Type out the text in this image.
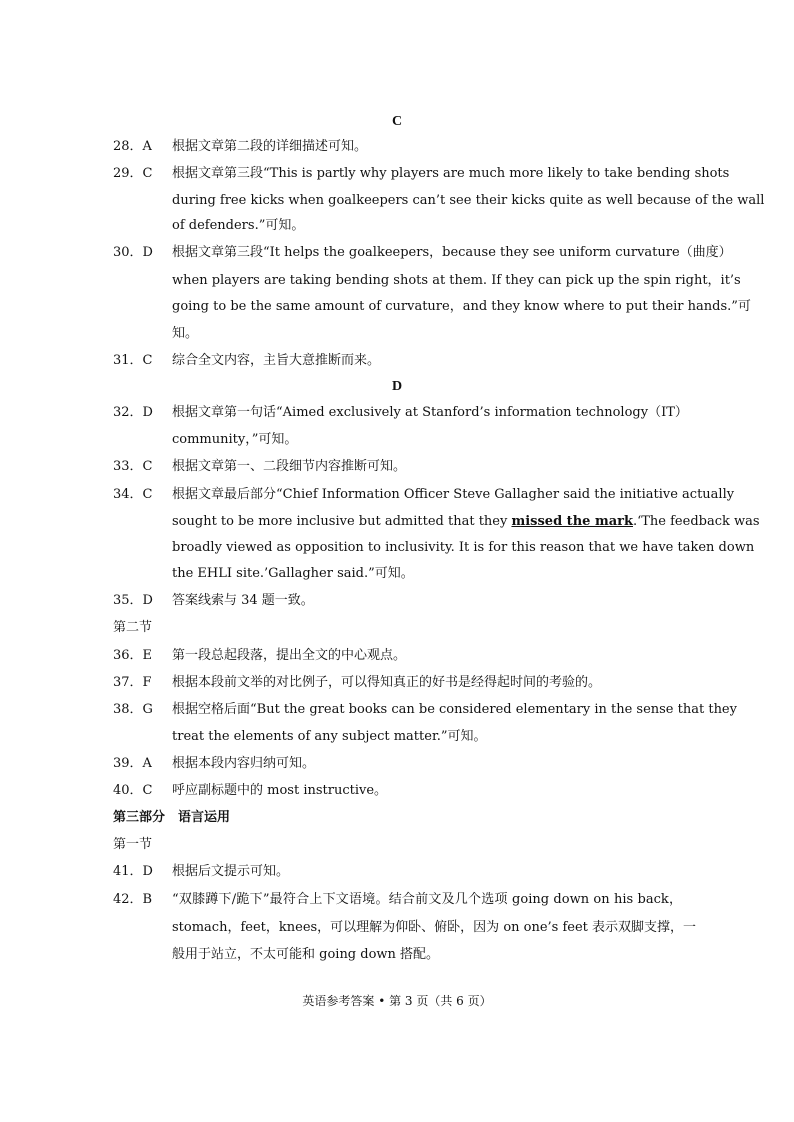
C
28．A 根据文章第二段的详细描述可知。
29．C 根据文章第三段“This is partly why players are much more likely to take bending shots
during free kicks when goalkeepers can’t see their kicks quite as well because of the wall
of defenders.”可知。
30．D 根据文章第三段“It helps the goalkeepers，because they see uniform curvature（曲度）
when players are taking bending shots at them. If they can pick up the spin right，it’s
going to be the same amount of curvature，and they know where to put their hands.”可
知。
31．C 综合全文内容，主旨大意推断而来。
D
32．D 根据文章第一句话“Aimed exclusively at Stanford’s information technology（IT）
community，”可知。
33．C 根据文章第一、二段细节内容推断可知。
34．C 根据文章最后部分“Chief Information Officer Steve Gallagher said the initiative actually
sought to be more inclusive but admitted that they missed the mark.‘The feedback was
broadly viewed as opposition to inclusivity. It is for this reason that we have taken down
the EHLI site.’Gallagher said.”可知。
35．D 答案线索与 34 题一致。
第二节
36．E 第一段总起段落，提出全文的中心观点。
37．F 根据本段前文举的对比例子，可以得知真正的好书是经得起时间的考验的。
38．G 根据空格后面“But the great books can be considered elementary in the sense that they
treat the elements of any subject matter.”可知。
39．A 根据本段内容归纳可知。
40．C 呼应副标题中的 most instructive。
第三部分　语言运用
第一节
41．D 根据后文提示可知。
42．B “双膝蹲下/跪下”最符合上下文语境。结合前文及几个选项 going down on his back，
stomach，feet，knees，可以理解为仰卧、俯卧，因为 on one’s feet 表示双脚支撑，一
般用于站立，不太可能和 going down 搭配。
英语参考答案 • 第 3 页（共 6 页）
